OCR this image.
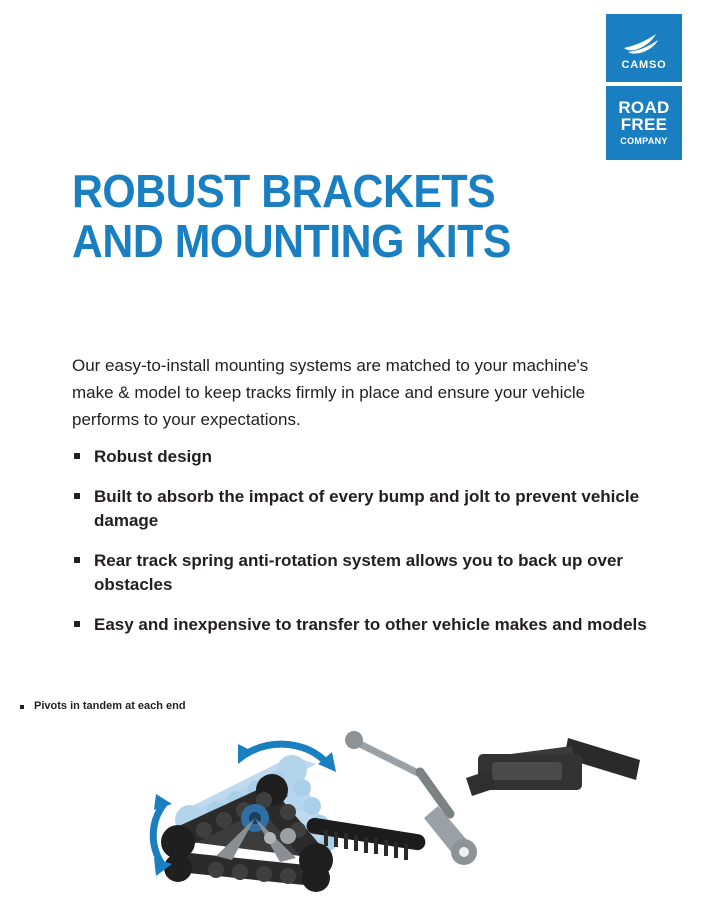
CAMSO
ROAD
FREE
COMPANY
ROBUST BRACKETS
AND MOUNTING KITS

Our easy-to-install mounting systems are matched to your machine's make & model to keep tracks firmly in place and ensure your vehicle performs to your expectations.

Robust design
Built to absorb the impact of every bump and jolt to prevent vehicle damage
Rear track spring anti-rotation system allows you to back up over obstacles
Easy and inexpensive to transfer to other vehicle makes and models
Pivots in tandem at each end
